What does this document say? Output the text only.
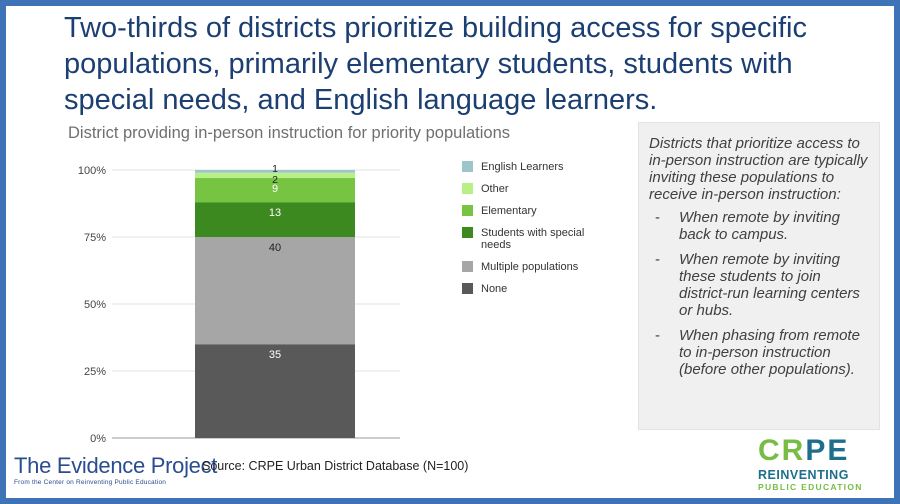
Two-thirds of districts prioritize building access for specific populations, primarily elementary students, students with special needs, and English language learners.
District providing in-person instruction for priority populations
0%
25%
50%
75%
100%
35
40
13
9
1
2
English Learners
Other
Elementary
Students with special needs
Multiple populations
None

Districts that prioritize access to in-person instruction are typically inviting these populations to receive in-person instruction:

- When remote by inviting back to campus.
- When remote by inviting these students to join district-run learning centers or hubs.
- When phasing from remote to in-person instruction (before other populations).
The Evidence Project
From the Center on Reinventing Public Education
Source: CRPE Urban District Database (N=100)	CRPE
REINVENTING
PUBLIC EDUCATION
